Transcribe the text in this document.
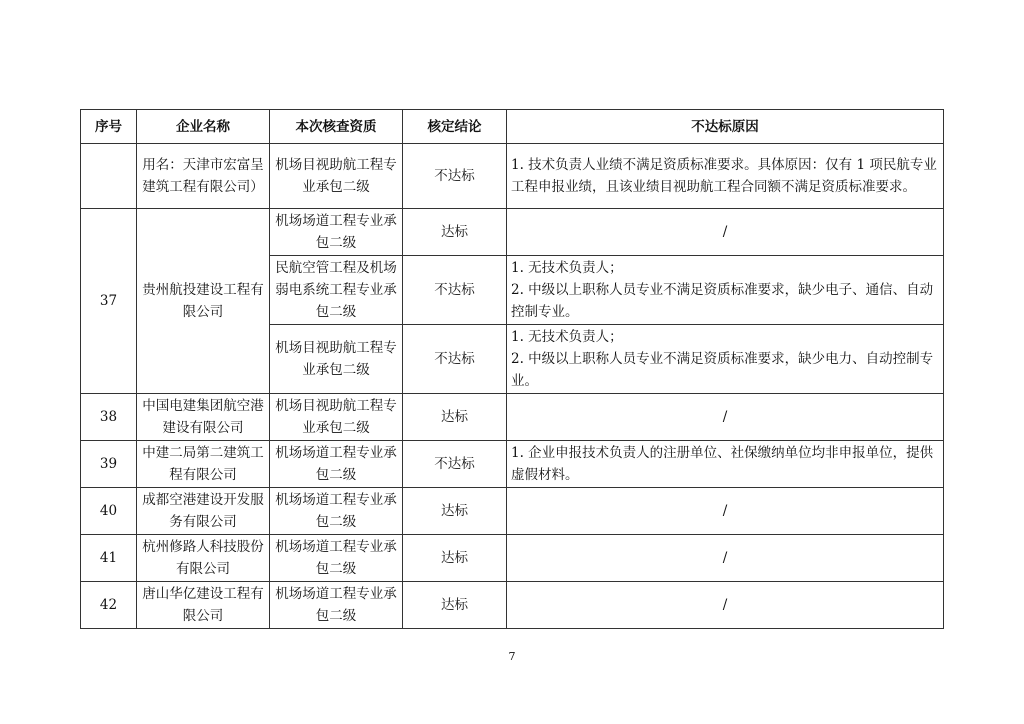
序号	企业名称	本次核查资质	核定结论	不达标原因
	用名：天津市宏富呈建筑工程有限公司）	机场目视助航工程专业承包二级	不达标	1. 技术负责人业绩不满足资质标准要求。具体原因：仅有 1 项民航专业工程申报业绩，且该业绩目视助航工程合同额不满足资质标准要求。
37	贵州航投建设工程有限公司	机场场道工程专业承包二级	达标	/
		民航空管工程及机场弱电系统工程专业承包二级	不达标	1. 无技术负责人；
2. 中级以上职称人员专业不满足资质标准要求，缺少电子、通信、自动控制专业。

		机场目视助航工程专业承包二级	不达标	1. 无技术负责人；
2. 中级以上职称人员专业不满足资质标准要求，缺少电力、自动控制专业。

38	中国电建集团航空港建设有限公司	机场目视助航工程专业承包二级	达标	/
39	中建二局第二建筑工程有限公司	机场场道工程专业承包二级	不达标	1. 企业申报技术负责人的注册单位、社保缴纳单位均非申报单位，提供虚假材料。
40	成都空港建设开发服务有限公司	机场场道工程专业承包二级	达标	/
41	杭州修路人科技股份有限公司	机场场道工程专业承包二级	达标	/
42	唐山华亿建设工程有限公司	机场场道工程专业承包二级	达标	/
7
